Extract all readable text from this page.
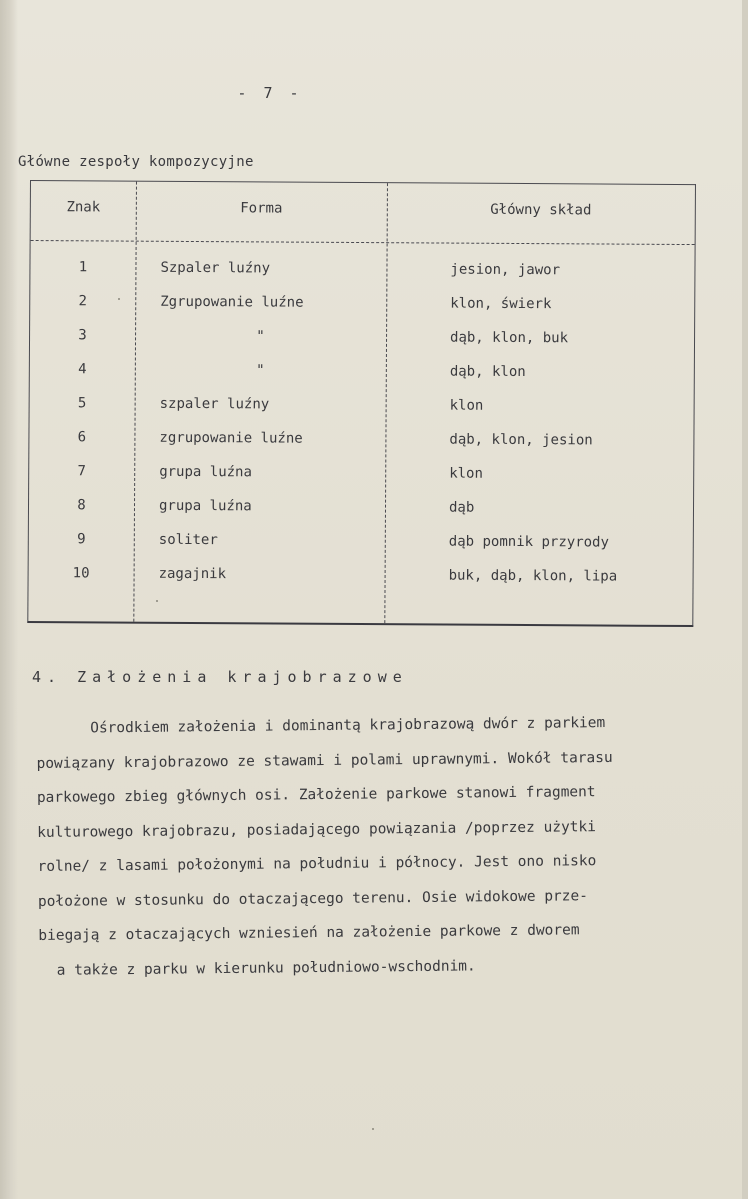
- 7 -
Główne zespoły kompozycyjne
Znak	Forma	Główny skład
1	Szpaler luźny	jesion, jawor
2	Zgrupowanie luźne	klon, świerk
3	"	dąb, klon, buk
4	"	dąb, klon
5	szpaler luźny	klon
6	zgrupowanie luźne	dąb, klon, jesion
7	grupa luźna	klon
8	grupa luźna	dąb
9	soliter	dąb pomnik przyrody
10	zagajnik	buk, dąb, klon, lipa
4. Założenia krajobrazowe
Ośrodkiem założenia i dominantą krajobrazową dwór z parkiem
powiązany krajobrazowo ze stawami i polami uprawnymi. Wokół tarasu
parkowego zbieg głównych osi. Założenie parkowe stanowi fragment
kulturowego krajobrazu, posiadającego powiązania /poprzez użytki
rolne/ z lasami położonymi na południu i północy. Jest ono nisko
położone w stosunku do otaczającego terenu. Osie widokowe prze-
biegają z otaczających wzniesień na założenie parkowe z dworem
a także z parku w kierunku południowo-wschodnim.
